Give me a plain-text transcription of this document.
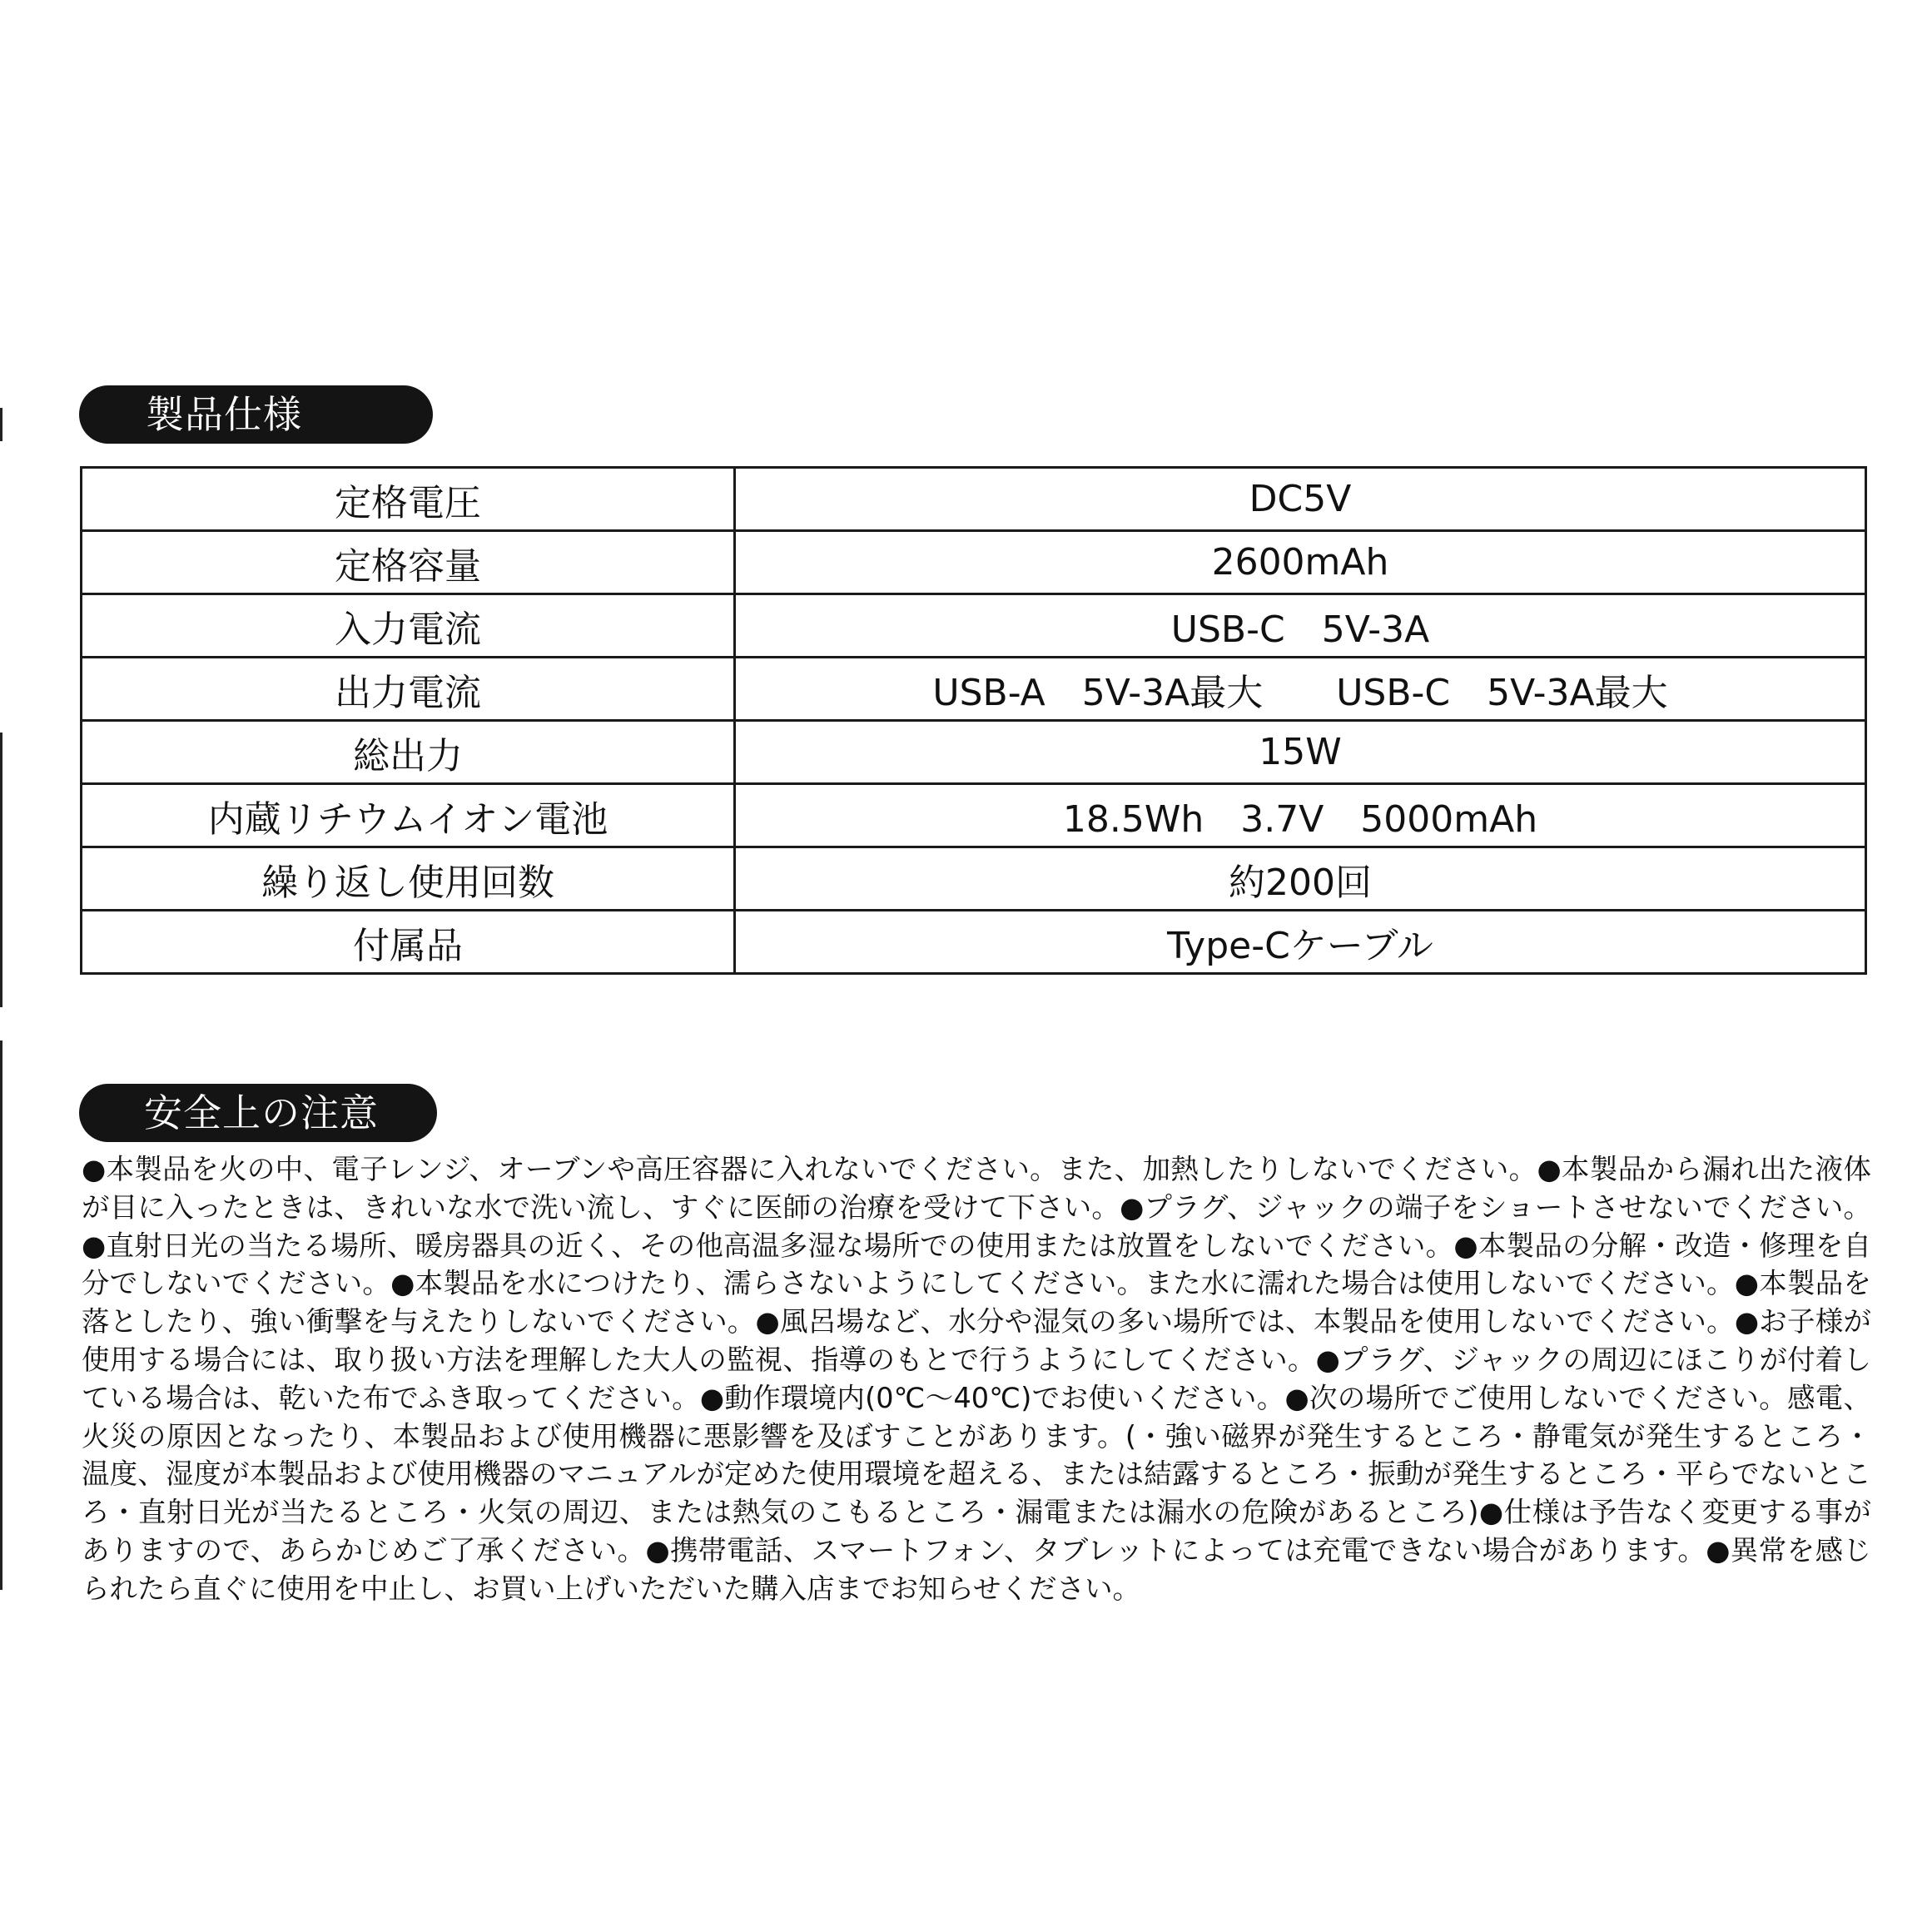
製品仕様
定格電圧	DC5V
定格容量	2600mAh
入力電流	USB-C　5V-3A
出力電流	USB-A　5V-3A最大　　USB-C　5V-3A最大
総出力	15W
内蔵リチウムイオン電池	18.5Wh　3.7V　5000mAh
繰り返し使用回数	約200回
付属品	Type-Cケーブル
安全上の注意

●本製品を火の中、電子レンジ、オーブンや高圧容器に入れないでください。また、加熱したりしないでください。●本製品から漏れ出た液体が目に入ったときは、きれいな水で洗い流し、すぐに医師の治療を受けて下さい。●プラグ、ジャックの端子をショートさせないでください。●直射日光の当たる場所、暖房器具の近く、その他高温多湿な場所での使用または放置をしないでください。●本製品の分解・改造・修理を自分でしないでください。●本製品を水につけたり、濡らさないようにしてください。また水に濡れた場合は使用しないでください。●本製品を落としたり、強い衝撃を与えたりしないでください。●風呂場など、水分や湿気の多い場所では、本製品を使用しないでください。●お子様が使用する場合には、取り扱い方法を理解した大人の監視、指導のもとで行うようにしてください。●プラグ、ジャックの周辺にほこりが付着している場合は、乾いた布でふき取ってください。●動作環境内(0℃～40℃)でお使いください。●次の場所でご使用しないでください。感電、火災の原因となったり、本製品および使用機器に悪影響を及ぼすことがあります。(・強い磁界が発生するところ・静電気が発生するところ・温度、湿度が本製品および使用機器のマニュアルが定めた使用環境を超える、または結露するところ・振動が発生するところ・平らでないところ・直射日光が当たるところ・火気の周辺、または熱気のこもるところ・漏電または漏水の危険があるところ)●仕様は予告なく変更する事がありますので、あらかじめご了承ください。●携帯電話、スマートフォン、タブレットによっては充電できない場合があります。●異常を感じられたら直ぐに使用を中止し、お買い上げいただいた購入店までお知らせください。
